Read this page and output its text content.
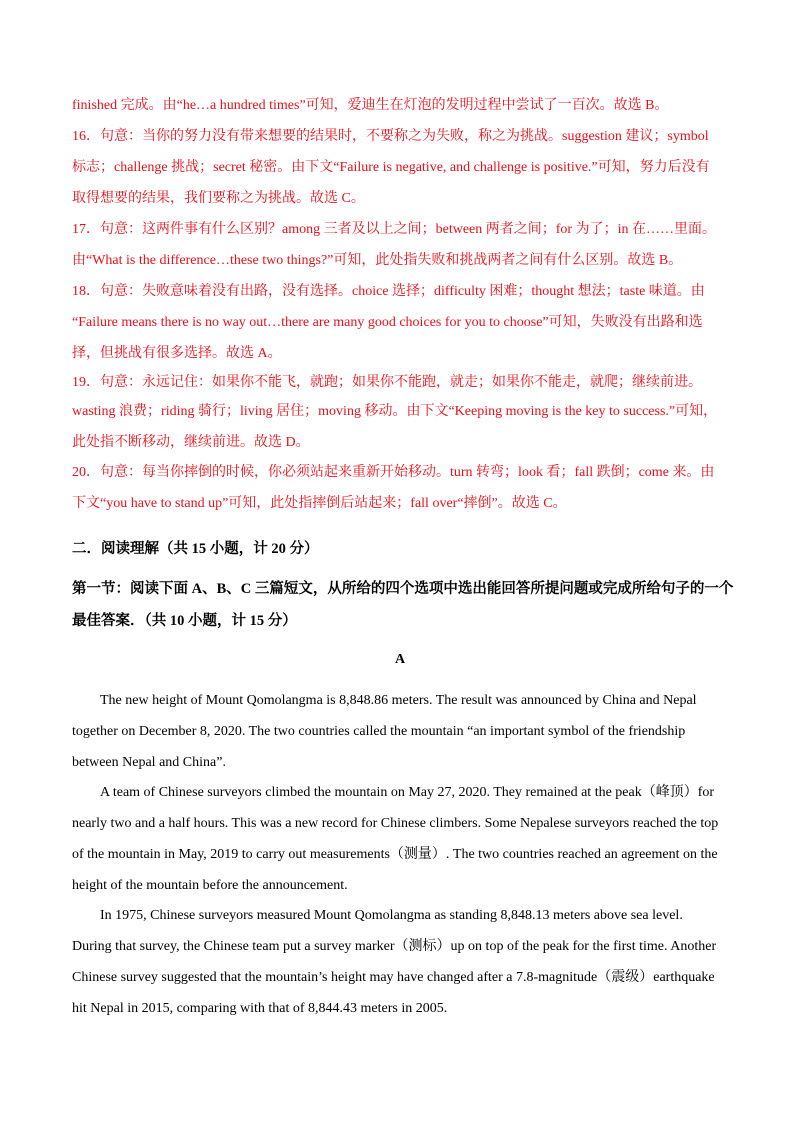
finished 完成。由“he…a hundred times”可知，爱迪生在灯泡的发明过程中尝试了一百次。故选 B。

16．句意：当你的努力没有带来想要的结果时，不要称之为失败，称之为挑战。suggestion 建议；symbol

标志；challenge 挑战；secret 秘密。由下文“Failure is negative, and challenge is positive.”可知，努力后没有

取得想要的结果，我们要称之为挑战。故选 C。

17．句意：这两件事有什么区别？among 三者及以上之间；between 两者之间；for 为了；in 在……里面。

由“What is the difference…these two things?”可知，此处指失败和挑战两者之间有什么区别。故选 B。

18．句意：失败意味着没有出路，没有选择。choice 选择；difficulty 困难；thought 想法；taste 味道。由

“Failure means there is no way out…there are many good choices for you to choose”可知，失败没有出路和选

择，但挑战有很多选择。故选 A。

19．句意：永远记住：如果你不能飞，就跑；如果你不能跑，就走；如果你不能走，就爬；继续前进。

wasting 浪费；riding 骑行；living 居住；moving 移动。由下文“Keeping moving is the key to success.”可知，

此处指不断移动，继续前进。故选 D。

20．句意：每当你摔倒的时候，你必须站起来重新开始移动。turn 转弯；look 看；fall 跌倒；come 来。由

下文“you have to stand up”可知，此处指摔倒后站起来；fall over“摔倒”。故选 C。

二．阅读理解（共 15 小题，计 20 分）

第一节：阅读下面 A、B、C 三篇短文，从所给的四个选项中选出能回答所提问题或完成所给句子的一个

最佳答案．（共 10 小题，计 15 分）

A

The new height of Mount Qomolangma is 8,848.86 meters. The result was announced by China and Nepal

together on December 8, 2020. The two countries called the mountain “an important symbol of the friendship

between Nepal and China”.

A team of Chinese surveyors climbed the mountain on May 27, 2020. They remained at the peak（峰顶）for

nearly two and a half hours. This was a new record for Chinese climbers. Some Nepalese surveyors reached the top

of the mountain in May, 2019 to carry out measurements（测量）. The two countries reached an agreement on the

height of the mountain before the announcement.

In 1975, Chinese surveyors measured Mount Qomolangma as standing 8,848.13 meters above sea level.

During that survey, the Chinese team put a survey marker（测标）up on top of the peak for the first time. Another

Chinese survey suggested that the mountain’s height may have changed after a 7.8-magnitude（震级）earthquake

hit Nepal in 2015, comparing with that of 8,844.43 meters in 2005.
